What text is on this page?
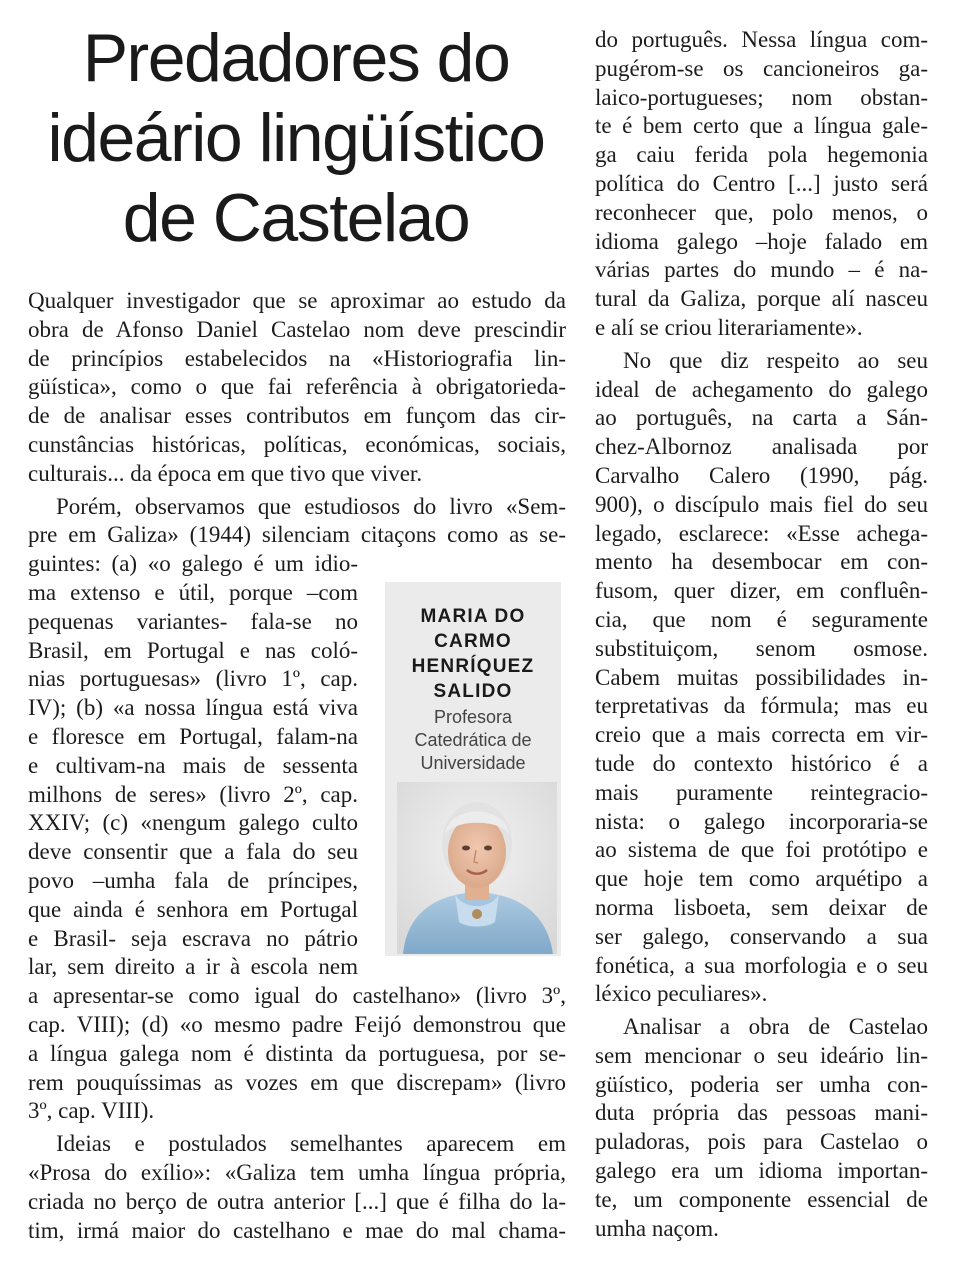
Predadores do
ideário lingüístico
de Castelao
Qualquer investigador que se aproximar ao estudo da
obra de Afonso Daniel Castelao nom deve prescindir
de princípios estabelecidos na «Historiografia lin-
güística», como o que fai referência à obrigatorieda-
de de analisar esses contributos em funçom das cir-
cunstâncias históricas, políticas, económicas, sociais,
culturais... da época em que tivo que viver.
Porém, observamos que estudiosos do livro «Sem-
pre em Galiza» (1944) silenciam citaçons como as se-
guintes: (a) «o galego é um idio-
ma extenso e útil, porque –com
pequenas variantes- fala-se no
Brasil, em Portugal e nas coló-
nias portuguesas» (livro 1º, cap.
IV); (b) «a nossa língua está viva
e floresce em Portugal, falam-na
e cultivam-na mais de sessenta
milhons de seres» (livro 2º, cap.
XXIV; (c) «nengum galego culto
deve consentir que a fala do seu
povo –umha fala de príncipes,
que ainda é senhora em Portugal
e Brasil- seja escrava no pátrio
lar, sem direito a ir à escola nem
a apresentar-se como igual do castelhano» (livro 3º,
cap. VIII); (d) «o mesmo padre Feijó demonstrou que
a língua galega nom é distinta da portuguesa, por se-
rem pouquíssimas as vozes em que discrepam» (livro
3º, cap. VIII).
Ideias e postulados semelhantes aparecem em
«Prosa do exílio»: «Galiza tem umha língua própria,
criada no berço de outra anterior [...] que é filha do la-
tim, irmá maior do castelhano e mae do mal chama-
do português. Nessa língua com-
pugérom-se os cancioneiros ga-
laico-portugueses; nom obstan-
te é bem certo que a língua gale-
ga caiu ferida pola hegemonia
política do Centro [...] justo será
reconhecer que, polo menos, o
idioma galego –hoje falado em
várias partes do mundo – é na-
tural da Galiza, porque alí nasceu
e alí se criou literariamente».
No que diz respeito ao seu
ideal de achegamento do galego
ao português, na carta a Sán-
chez-Albornoz analisada por
Carvalho Calero (1990, pág.
900), o discípulo mais fiel do seu
legado, esclarece: «Esse achega-
mento ha desembocar em con-
fusom, quer dizer, em confluên-
cia, que nom é seguramente
substituiçom, senom osmose.
Cabem muitas possibilidades in-
terpretativas da fórmula; mas eu
creio que a mais correcta em vir-
tude do contexto histórico é a
mais puramente reintegracio-
nista: o galego incorporaria-se
ao sistema de que foi protótipo e
que hoje tem como arquétipo a
norma lisboeta, sem deixar de
ser galego, conservando a sua
fonética, a sua morfologia e o seu
léxico peculiares».
Analisar a obra de Castelao
sem mencionar o seu ideário lin-
güístico, poderia ser umha con-
duta própria das pessoas mani-
puladoras, pois para Castelao o
galego era um idioma importan-
te, um componente essencial de
umha naçom.
MARIA DO
CARMO
HENRÍQUEZ
SALIDO
Profesora
Catedrática de
Universidade
